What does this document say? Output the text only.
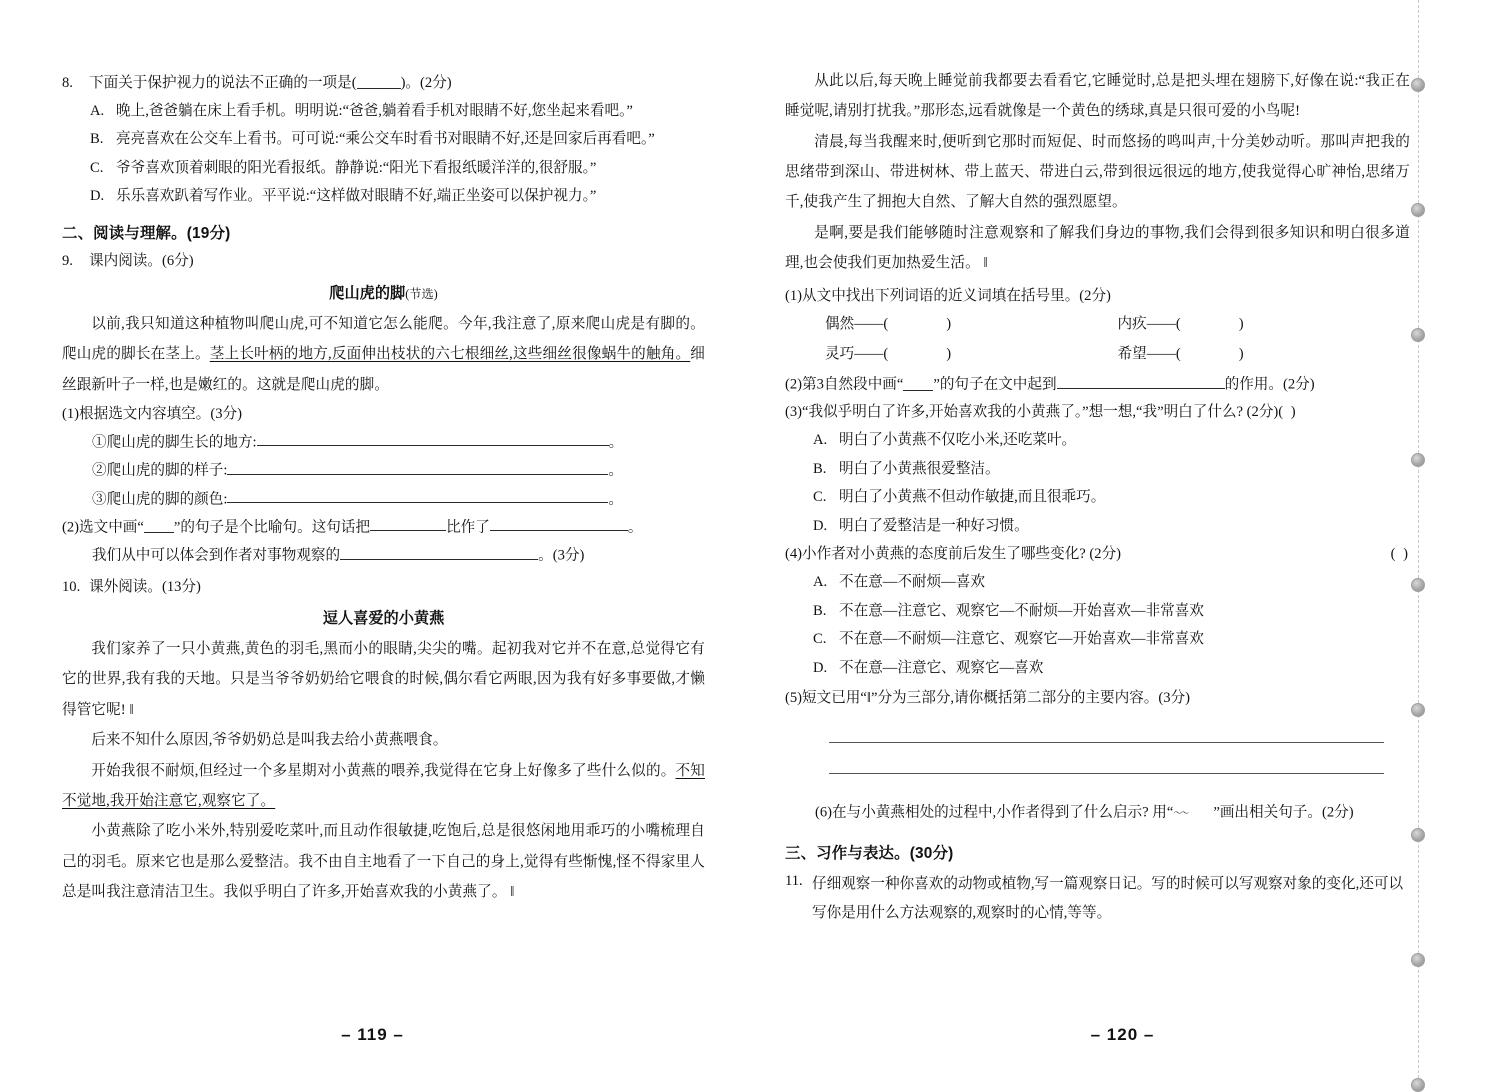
8.	下面关于保护视力的说法不正确的一项是(	)。(2分)
A. 晚上,爸爸躺在床上看手机。明明说:“爸爸,躺着看手机对眼睛不好,您坐起来看吧。”
B. 亮亮喜欢在公交车上看书。可可说:“乘公交车时看书对眼睛不好,还是回家后再看吧。”
C. 爷爷喜欢顶着刺眼的阳光看报纸。静静说:“阳光下看报纸暖洋洋的,很舒服。”
D. 乐乐喜欢趴着写作业。平平说:“这样做对眼睛不好,端正坐姿可以保护视力。”
二、阅读与理解。(19分)
9.	课内阅读。(6分)
爬山虎的脚(节选)

以前,我只知道这种植物叫爬山虎,可不知道它怎么能爬。今年,我注意了,原来爬山虎是有脚的。爬山虎的脚长在茎上。茎上长叶柄的地方,反面伸出枝状的六七根细丝,这些细丝很像蜗牛的触角。细丝跟新叶子一样,也是嫩红的。这就是爬山虎的脚。

(1)根据选文内容填空。(3分)
①爬山虎的脚生长的地方:	。
②爬山虎的脚的样子:	。
③爬山虎的脚的颜色:	。
(2)选文中画“ ”的句子是个比喻句。这句话把	比作了	。
我们从中可以体会到作者对事物观察的	。(3分)
10. 课外阅读。(13分)
逗人喜爱的小黄燕

我们家养了一只小黄燕,黄色的羽毛,黑而小的眼睛,尖尖的嘴。起初我对它并不在意,总觉得它有它的世界,我有我的天地。只是当爷爷奶奶给它喂食的时候,偶尔看它两眼,因为我有好多事要做,才懒得管它呢! ‖

后来不知什么原因,爷爷奶奶总是叫我去给小黄燕喂食。

开始我很不耐烦,但经过一个多星期对小黄燕的喂养,我觉得在它身上好像多了些什么似的。不知不觉地,我开始注意它,观察它了。

小黄燕除了吃小米外,特别爱吃菜叶,而且动作很敏捷,吃饱后,总是很悠闲地用乖巧的小嘴梳理自己的羽毛。原来它也是那么爱整洁。我不由自主地看了一下自己的身上,觉得有些惭愧,怪不得家里人总是叫我注意清洁卫生。我似乎明白了许多,开始喜欢我的小黄燕了。 ‖

– 119 –

从此以后,每天晚上睡觉前我都要去看看它,它睡觉时,总是把头埋在翅膀下,好像在说:“我正在睡觉呢,请别打扰我。”那形态,远看就像是一个黄色的绣球,真是只很可爱的小鸟呢!

清晨,每当我醒来时,便听到它那时而短促、时而悠扬的鸣叫声,十分美妙动听。那叫声把我的思绪带到深山、带进树林、带上蓝天、带进白云,带到很远很远的地方,使我觉得心旷神怡,思绪万千,使我产生了拥抱大自然、了解大自然的强烈愿望。

是啊,要是我们能够随时注意观察和了解我们身边的事物,我们会得到很多知识和明白很多道理,也会使我们更加热爱生活。 ‖

(1)从文中找出下列词语的近义词填在括号里。(2分)
偶然——(	)	内疚——(	)
灵巧——(	)	希望——(	)
(2)第3自然段中画“ ”的句子在文中起到	的作用。(2分)
(3)“我似乎明白了许多,开始喜欢我的小黄燕了。”想一想,“我”明白了什么? (2分)( )
A. 明白了小黄燕不仅吃小米,还吃菜叶。
B. 明白了小黄燕很爱整洁。
C. 明白了小黄燕不但动作敏捷,而且很乖巧。
D. 明白了爱整洁是一种好习惯。
(4)小作者对小黄燕的态度前后发生了哪些变化? (2分)	( )
A. 不在意—不耐烦—喜欢
B. 不在意—注意它、观察它—不耐烦—开始喜欢—非常喜欢
C. 不在意—不耐烦—注意它、观察它—开始喜欢—非常喜欢
D. 不在意—注意它、观察它—喜欢
(5)短文已用“‖”分为三部分,请你概括第二部分的主要内容。(3分)
(6)在与小黄燕相处的过程中,小作者得到了什么启示? 用“ 〜〜	”画出相关句子。(2分)
三、习作与表达。(30分)
11. 仔细观察一种你喜欢的动物或植物,写一篇观察日记。写的时候可以写观察对象的变化,还可以写你是用什么方法观察的,观察时的心情,等等。
– 120 –
